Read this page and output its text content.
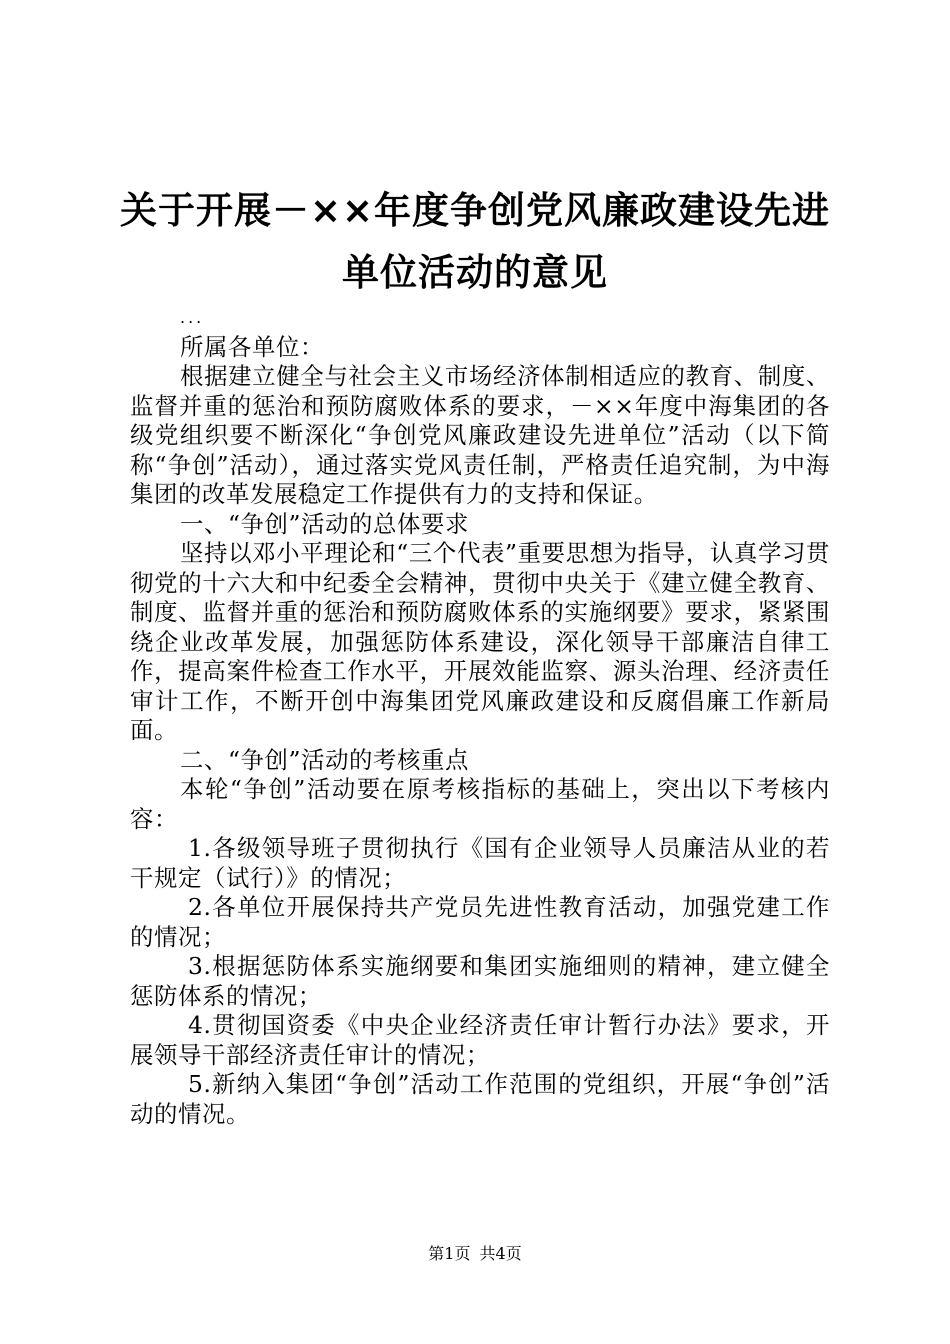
关于开展－××年度争创党风廉政建设先进单位活动的意见

...

所属各单位：

根据建立健全与社会主义市场经济体制相适应的教育、制度、监督并重的惩治和预防腐败体系的要求，－××年度中海集团的各级党组织要不断深化“争创党风廉政建设先进单位”活动（以下简称“争创”活动），通过落实党风责任制，严格责任追究制，为中海集团的改革发展稳定工作提供有力的支持和保证。

一、“争创”活动的总体要求

坚持以邓小平理论和“三个代表”重要思想为指导，认真学习贯彻党的十六大和中纪委全会精神，贯彻中央关于《建立健全教育、制度、监督并重的惩治和预防腐败体系的实施纲要》要求，紧紧围绕企业改革发展，加强惩防体系建设，深化领导干部廉洁自律工作，提高案件检查工作水平，开展效能监察、源头治理、经济责任审计工作，不断开创中海集团党风廉政建设和反腐倡廉工作新局面。

二、“争创”活动的考核重点

本轮“争创”活动要在原考核指标的基础上，突出以下考核内容：

1.各级领导班子贯彻执行《国有企业领导人员廉洁从业的若干规定（试行）》的情况；

2.各单位开展保持共产党员先进性教育活动，加强党建工作的情况；

3.根据惩防体系实施纲要和集团实施细则的精神，建立健全惩防体系的情况；

4.贯彻国资委《中央企业经济责任审计暂行办法》要求，开展领导干部经济责任审计的情况；

5.新纳入集团“争创”活动工作范围的党组织，开展“争创”活动的情况。

第1页 共4页
